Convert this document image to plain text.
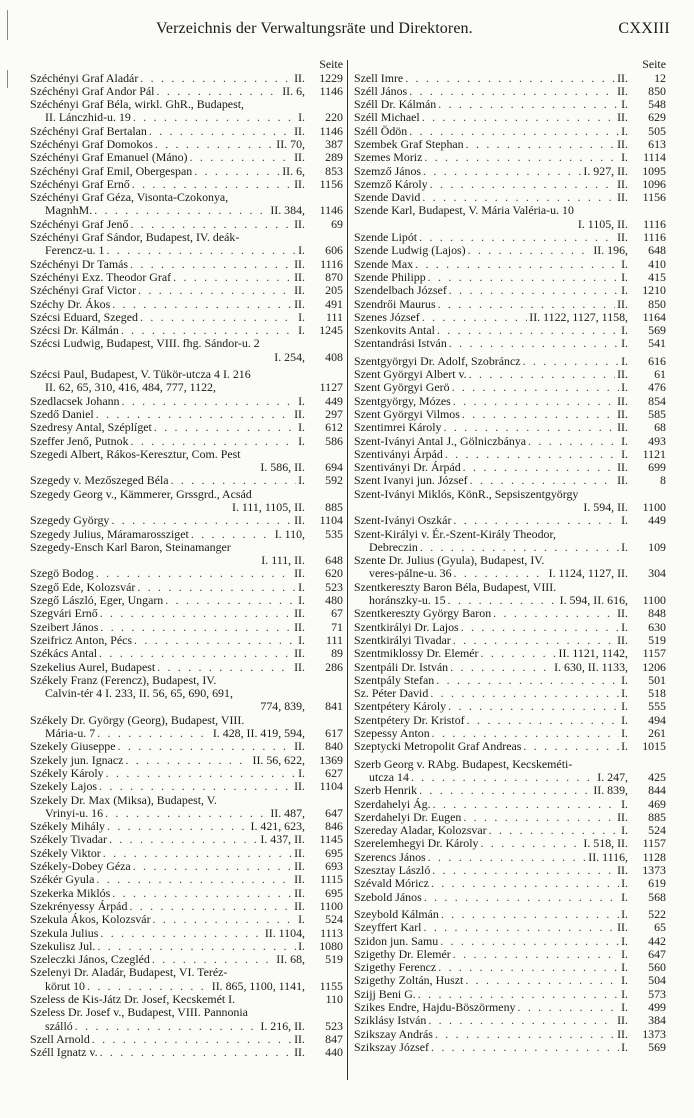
Verzeichnis der Verwaltungsräte und Direktoren.	CXXIII
Seite
Széchényi Graf Aladár . . .	II.	1229
Széchényi Graf Andor Pál . . .	II. 6,	1146
Széchényi Graf Béla, wirkl. GhR., Budapest,
II. Lánczhid-u. 19 . . .	I.	220
Széchényi Graf Bertalan . . .	II.	1146
Széchényi Graf Domokos . . .	II. 70,	387
Széchényi Graf Emanuel (Máno) . . .	II.	289
Széchényi Graf Emil, Obergespan . . .	II. 6,	853
Széchényi Graf Ernő . . .	II.	1156
Széchényi Graf Géza, Visonta-Czokonya,
MagnhM. . . .	II. 384,	1146
Széchényi Graf Jenő . . .	II.	69
Széchényi Graf Sándor, Budapest, IV. deák-
Ferencz-u. 1 . . .	I.	606
Széchényi Dr Tamás . . .	II.	1116
Széchényi Exz. Theodor Graf . . .	II.	870
Széchényi Graf Victor . . .	II.	205
Széchy Dr. Ákos . . .	II.	491
Szécsi Eduard, Szeged . . .	I.	111
Szécsi Dr. Kálmán . . .	I.	1245
Szécsi Ludwig, Budapest, VIII. fhg. Sándor-u. 2
I. 254,	408
Szécsi Paul, Budapest, V. Tükör-utcza 4 I. 216
II. 62, 65, 310, 416, 484, 777, 1122,	1127
Szedlacsek Johann . . .	I.	449
Szedő Daniel . . .	II.	297
Szedresy Antal, Széplíget . . .	I.	612
Szeffer Jenő, Putnok . . .	I.	586
Szegedi Albert, Rákos-Keresztur, Com. Pest
I. 586, II.	694
Szegedy v. Mezőszeged Béla . . .	I.	592
Szegedy Georg v., Kämmerer, Grssgrd., Acsád
I. 111, 1105, II.	885
Szegedy György . . .	II.	1104
Szegedy Julius, Máramarossziget . . .	I. 110,	535
Szegedy-Ensch Karl Baron, Steinamanger
I. 111, II.	648
Szegö Bodog . . .	II.	620
Szegő Ede, Kolozsvár . . .	I.	523
Szegő László, Eger, Ungarn . . .	I.	480
Szegvári Ernő . . .	II.	67
Szeibert János . . .	II.	71
Szeifricz Anton, Pécs . . .	I.	111
Székács Antal . . .	II.	89
Szekelius Aurel, Budapest . . .	II.	286
Székely Franz (Ferencz), Budapest, IV.
Calvin-tér 4 I. 233, II. 56, 65, 690, 691,
774, 839,	841
Székely Dr. György (Georg), Budapest, VIII.
Mária-u. 7 . . .	I. 428, II. 419, 594,	617
Szekely Giuseppe . . .	II.	840
Szekely jun. Ignacz . . .	II. 56, 622,	1369
Székely Károly . . .	I.	627
Szekely Lajos . . .	II.	1104
Szekely Dr. Max (Miksa), Budapest, V.
Vrinyi-u. 16 . . .	II. 487,	647
Székely Mihály . . .	I. 421, 623,	846
Székely Tivadar . . .	I. 437, II.	1145
Székely Viktor . . .	II.	695
Székely-Dobey Géza . . .	II.	693
Székér Gyula . . .	II.	1115
Szekerka Miklós . . .	II.	695
Szekrényessy Árpád . . .	II.	1100
Szekula Ákos, Kolozsvár . . .	I.	524
Szekula Julius . . .	II. 1104,	1113
Szekulisz Jul. . . .	I.	1080
Szeleczki János, Czegléd . . .	II. 68,	519
Szelenyi Dr. Aladár, Budapest, VI. Teréz-
körut 10 . . .	II. 865, 1100, 1141,	1155
Szeless de Kis-Játz Dr. Josef, Kecskemét I.	110
Szeless Dr. Josef v., Budapest, VIII. Pannonia
szálló . . .	I. 216, II.	523
Szell Arnold . . .	II.	847
Széll Ignatz v. . . .	II.	440
Seite
Szell Imre . . .	II.	12
Széll János . . .	II.	850
Széll Dr. Kálmán . . .	I.	548
Széll Michael . . .	II.	629
Széll Ödön . . .	I.	505
Szembek Graf Stephan . . .	II.	613
Szemes Moriz . . .	I.	1114
Szemző János . . .	I. 927, II.	1095
Szemző Károly . . .	II.	1096
Szende David . . .	II.	1156
Szende Karl, Budapest, V. Mária Valéria-u. 10
I. 1105, II.	1116
Szende Lipót . . .	II.	1116
Szende Ludwig (Lajos) . . .	II. 196,	648
Szende Max . . .	I.	410
Szende Philipp . . .	I.	415
Szendelbach József . . .	I.	1210
Szendrői Maurus . . .	II.	850
Szenes József . . .	II. 1122, 1127, 1158,	1164
Szenkovits Antal . . .	I.	569
Szentandrási István . . .	I.	541
Szentgyörgyi Dr. Adolf, Szobráncz . . .	I.	616
Szent Györgyi Albert v. . . .	II.	61
Szent Györgyi Gerö . . .	I.	476
Szentgyörgy, Mózes . . .	II.	854
Szent Györgyi Vilmos . . .	II.	585
Szentimrei Károly . . .	II.	68
Szent-Iványi Antal J., Gölniczbánya . . .	I.	493
Szentiványi Árpád . . .	I.	1121
Szentiványi Dr. Árpád . . .	II.	699
Szent Ivanyi jun. József . . .	II.	8
Szent-Iványi Miklós, KönR., Sepsiszentgyörgy
I. 594, II.	1100
Szent-Iványi Oszkár . . .	I.	449
Szent-Királyi v. Ér.-Szent-Király Theodor,
Debreczin . . .	I.	109
Szente Dr. Julius (Gyula), Budapest, IV.
veres-pálne-u. 36 . . .	I. 1124, 1127, II.	304
Szentkereszty Baron Béla, Budapest, VIII.
horánszky-u. 15 . . .	I. 594, II. 616,	1100
Szentkereszty György Baron . . .	II.	848
Szentkirályi Dr. Lajos . . .	I.	630
Szentkirályi Tivadar . . .	II.	519
Szentmiklossy Dr. Elemér . . .	II. 1121, 1142,	1157
Szentpáli Dr. István . . .	I. 630, II. 1133,	1206
Szentpály Stefan . . .	I.	501
Sz. Péter David . . .	I.	518
Szentpétery Károly . . .	I.	555
Szentpétery Dr. Kristof . . .	I.	494
Szepessy Anton . . .	I.	261
Szeptycki Metropolit Graf Andreas . . .	I.	1015
Szerb Georg v. RAbg. Budapest, Kecskeméti-
utcza 14 . . .	I. 247,	425
Szerb Henrik . . .	II. 839,	844
Szerdahelyi Ág. . . .	I.	469
Szerdahelyi Dr. Eugen . . .	II.	885
Szereday Aladar, Kolozsvar . . .	I.	524
Szerelemhegyi Dr. Károly . . .	I. 518, II.	1157
Szerencs János . . .	II. 1116,	1128
Szesztay László . . .	II.	1373
Szévald Móricz . . .	I.	619
Szebold János . . .	I.	568
Szeybold Kálmán . . .	I.	522
Szeyffert Karl . . .	II.	65
Szidon jun. Samu . . .	I.	442
Szigethy Dr. Elemér . . .	I.	647
Szigethy Ferencz . . .	I.	560
Szigethy Zoltán, Huszt . . .	I.	504
Szijj Beni G. . . .	I.	573
Szikes Endre, Hajdu-Böszörmeny . . .	I.	499
Sziklásy István . . .	II.	384
Szikszay András . . .	II.	1373
Szikszay József . . .	I.	569
